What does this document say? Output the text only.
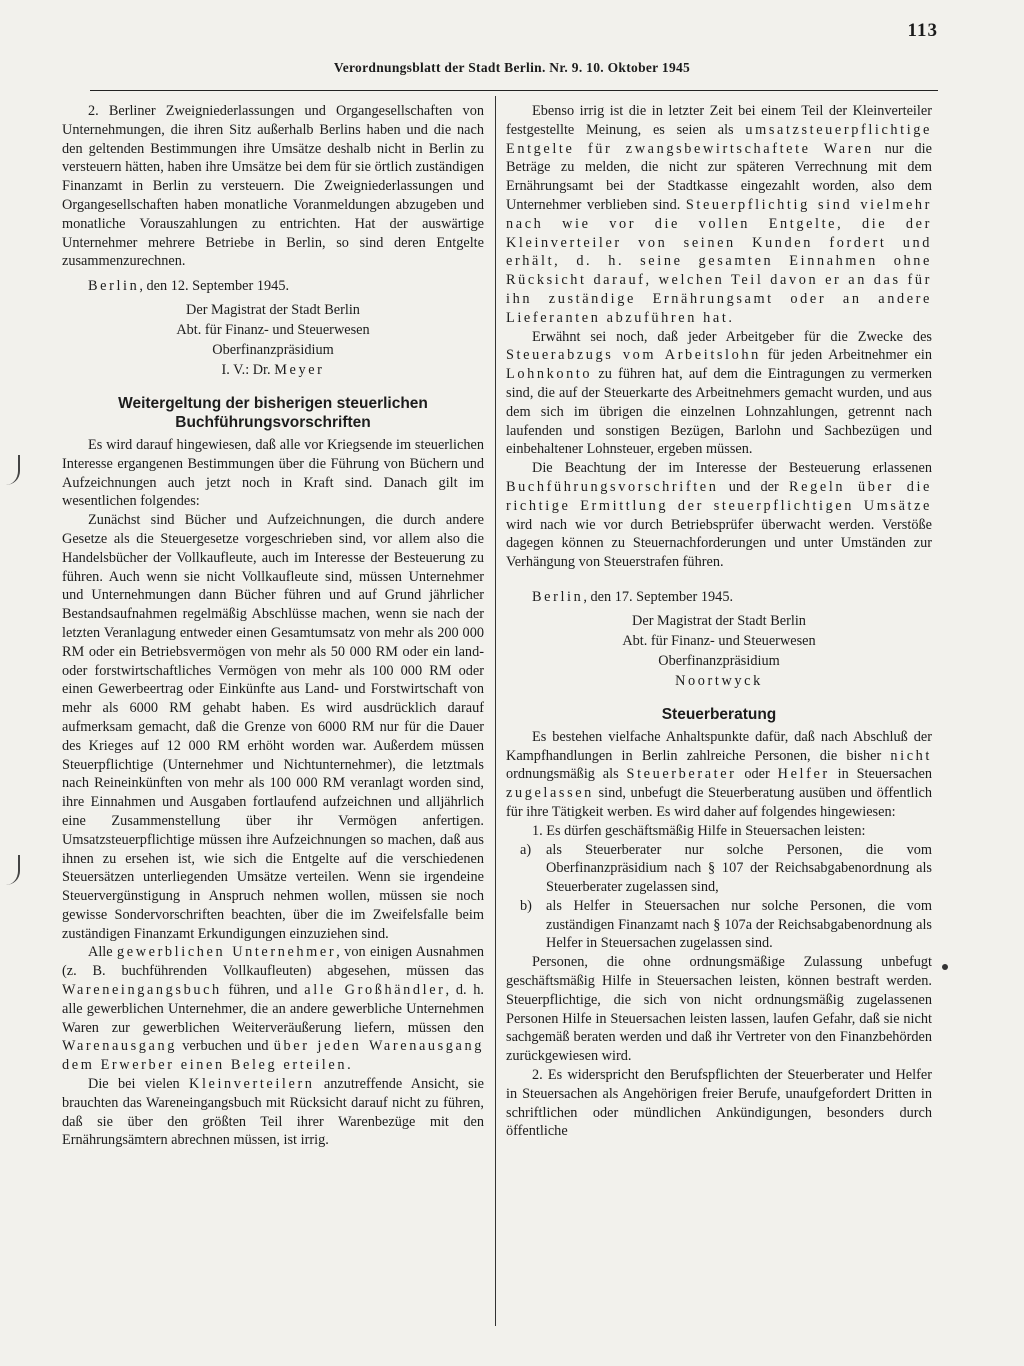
113
Verordnungsblatt der Stadt Berlin. Nr. 9. 10. Oktober 1945

2. Berliner Zweigniederlassungen und Organgesellschaften von Unternehmungen, die ihren Sitz außerhalb Berlins haben und die nach den geltenden Bestimmungen ihre Umsätze deshalb nicht in Berlin zu versteuern hätten, haben ihre Umsätze bei dem für sie örtlich zuständigen Finanzamt in Berlin zu versteuern. Die Zweigniederlassungen und Organgesellschaften haben monatliche Voranmeldungen abzugeben und monatliche Vorauszahlungen zu entrichten. Hat der auswärtige Unternehmer mehrere Betriebe in Berlin, so sind deren Entgelte zusammenzurechnen.

Berlin, den 12. September 1945.

Der Magistrat der Stadt Berlin
Abt. für Finanz- und Steuerwesen
Oberfinanzpräsidium
I. V.: Dr. Meyer
Weitergeltung der bisherigen steuerlichen Buchführungsvorschriften

Es wird darauf hingewiesen, daß alle vor Kriegsende im steuerlichen Interesse ergangenen Bestimmungen über die Führung von Büchern und Aufzeichnungen auch jetzt noch in Kraft sind. Danach gilt im wesentlichen folgendes:

Zunächst sind Bücher und Aufzeichnungen, die durch andere Gesetze als die Steuergesetze vorgeschrieben sind, vor allem also die Handelsbücher der Vollkaufleute, auch im Interesse der Besteuerung zu führen. Auch wenn sie nicht Vollkaufleute sind, müssen Unternehmer und Unternehmungen dann Bücher führen und auf Grund jährlicher Bestandsaufnahmen regelmäßig Abschlüsse machen, wenn sie nach der letzten Veranlagung entweder einen Gesamtumsatz von mehr als 200 000 RM oder ein Betriebsvermögen von mehr als 50 000 RM oder ein land- oder forstwirtschaftliches Vermögen von mehr als 100 000 RM oder einen Gewerbeertrag oder Einkünfte aus Land- und Forstwirtschaft von mehr als 6000 RM gehabt haben. Es wird ausdrücklich darauf aufmerksam gemacht, daß die Grenze von 6000 RM nur für die Dauer des Krieges auf 12 000 RM erhöht worden war. Außerdem müssen Steuerpflichtige (Unternehmer und Nichtunternehmer), die letztmals nach Reineinkünften von mehr als 100 000 RM veranlagt worden sind, ihre Einnahmen und Ausgaben fortlaufend aufzeichnen und alljährlich eine Zusammenstellung über ihr Vermögen anfertigen. Umsatzsteuerpflichtige müssen ihre Aufzeichnungen so machen, daß aus ihnen zu ersehen ist, wie sich die Entgelte auf die verschiedenen Steuersätzen unterliegenden Umsätze verteilen. Wenn sie irgendeine Steuervergünstigung in Anspruch nehmen wollen, müssen sie noch gewisse Sondervorschriften beachten, über die im Zweifelsfalle beim zuständigen Finanzamt Erkundigungen einzuziehen sind.

Alle gewerblichen Unternehmer, von einigen Ausnahmen (z. B. buchführenden Vollkaufleuten) abgesehen, müssen das Wareneingangsbuch führen, und alle Großhändler, d. h. alle gewerblichen Unternehmer, die an andere gewerbliche Unternehmen Waren zur gewerblichen Weiterveräußerung liefern, müssen den Warenausgang verbuchen und über jeden Warenausgang dem Erwerber einen Beleg erteilen.

Die bei vielen Kleinverteilern anzutreffende Ansicht, sie brauchten das Wareneingangsbuch mit Rücksicht darauf nicht zu führen, daß sie über den größten Teil ihrer Warenbezüge mit den Ernährungsämtern abrechnen müssen, ist irrig.

Ebenso irrig ist die in letzter Zeit bei einem Teil der Kleinverteiler festgestellte Meinung, es seien als umsatzsteuerpflichtige Entgelte für zwangsbewirtschaftete Waren nur die Beträge zu melden, die nicht zur späteren Verrechnung mit dem Ernährungsamt bei der Stadtkasse eingezahlt worden, also dem Unternehmer verblieben sind. Steuerpflichtig sind vielmehr nach wie vor die vollen Entgelte, die der Kleinverteiler von seinen Kunden fordert und erhält, d. h. seine gesamten Einnahmen ohne Rücksicht darauf, welchen Teil davon er an das für ihn zuständige Ernährungsamt oder an andere Lieferanten abzuführen hat.

Erwähnt sei noch, daß jeder Arbeitgeber für die Zwecke des Steuerabzugs vom Arbeitslohn für jeden Arbeitnehmer ein Lohnkonto zu führen hat, auf dem die Eintragungen zu vermerken sind, die auf der Steuerkarte des Arbeitnehmers gemacht wurden, und aus dem sich im übrigen die einzelnen Lohnzahlungen, getrennt nach laufenden und sonstigen Bezügen, Barlohn und Sachbezügen und einbehaltener Lohnsteuer, ergeben müssen.

Die Beachtung der im Interesse der Besteuerung erlassenen Buchführungsvorschriften und der Regeln über die richtige Ermittlung der steuerpflichtigen Umsätze wird nach wie vor durch Betriebsprüfer überwacht werden. Verstöße dagegen können zu Steuernachforderungen und unter Umständen zur Verhängung von Steuerstrafen führen.

Berlin, den 17. September 1945.

Der Magistrat der Stadt Berlin
Abt. für Finanz- und Steuerwesen
Oberfinanzpräsidium
Noortwyck
Steuerberatung

Es bestehen vielfache Anhaltspunkte dafür, daß nach Abschluß der Kampfhandlungen in Berlin zahlreiche Personen, die bisher nicht ordnungsmäßig als Steuerberater oder Helfer in Steuersachen zugelassen sind, unbefugt die Steuerberatung ausüben und öffentlich für ihre Tätigkeit werben. Es wird daher auf folgendes hingewiesen:

1. Es dürfen geschäftsmäßig Hilfe in Steuersachen leisten:

a) als Steuerberater nur solche Personen, die vom Oberfinanzpräsidium nach § 107 der Reichsabgabenordnung als Steuerberater zugelassen sind,

b) als Helfer in Steuersachen nur solche Personen, die vom zuständigen Finanzamt nach § 107a der Reichsabgabenordnung als Helfer in Steuersachen zugelassen sind.

Personen, die ohne ordnungsmäßige Zulassung unbefugt geschäftsmäßig Hilfe in Steuersachen leisten, können bestraft werden. Steuerpflichtige, die sich von nicht ordnungsmäßig zugelassenen Personen Hilfe in Steuersachen leisten lassen, laufen Gefahr, daß sie nicht sachgemäß beraten werden und daß ihr Vertreter von den Finanzbehörden zurückgewiesen wird.

2. Es widerspricht den Berufspflichten der Steuerberater und Helfer in Steuersachen als Angehörigen freier Berufe, unaufgefordert Dritten in schriftlichen oder mündlichen Ankündigungen, besonders durch öffentliche
